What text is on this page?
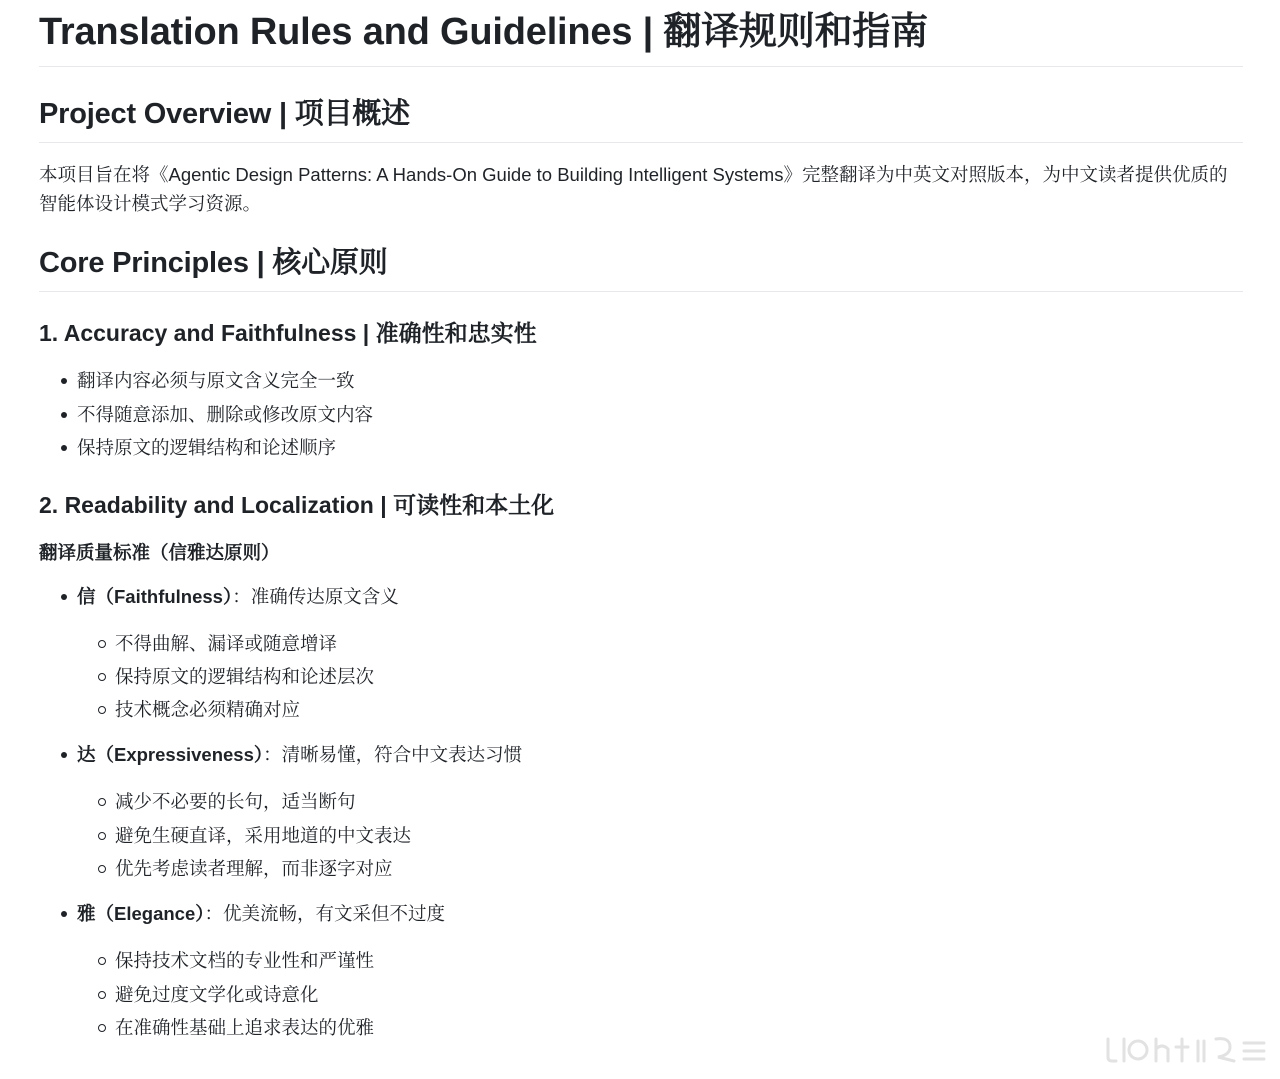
Translation Rules and Guidelines | 翻译规则和指南
Project Overview | 项目概述

本项目旨在将《Agentic Design Patterns: A Hands-On Guide to Building Intelligent Systems》完整翻译为中英文对照版本，为中文读者提供优质的智能体设计模式学习资源。

Core Principles | 核心原则
1. Accuracy and Faithfulness | 准确性和忠实性
翻译内容必须与原文含义完全一致
不得随意添加、删除或修改原文内容
保持原文的逻辑结构和论述顺序
2. Readability and Localization | 可读性和本土化

翻译质量标准（信雅达原则）

信（Faithfulness）：准确传达原文含义
不得曲解、漏译或随意增译
保持原文的逻辑结构和论述层次
技术概念必须精确对应
达（Expressiveness）：清晰易懂，符合中文表达习惯
减少不必要的长句，适当断句
避免生硬直译，采用地道的中文表达
优先考虑读者理解，而非逐字对应
雅（Elegance）：优美流畅，有文采但不过度
保持技术文档的专业性和严谨性
避免过度文学化或诗意化
在准确性基础上追求表达的优雅
